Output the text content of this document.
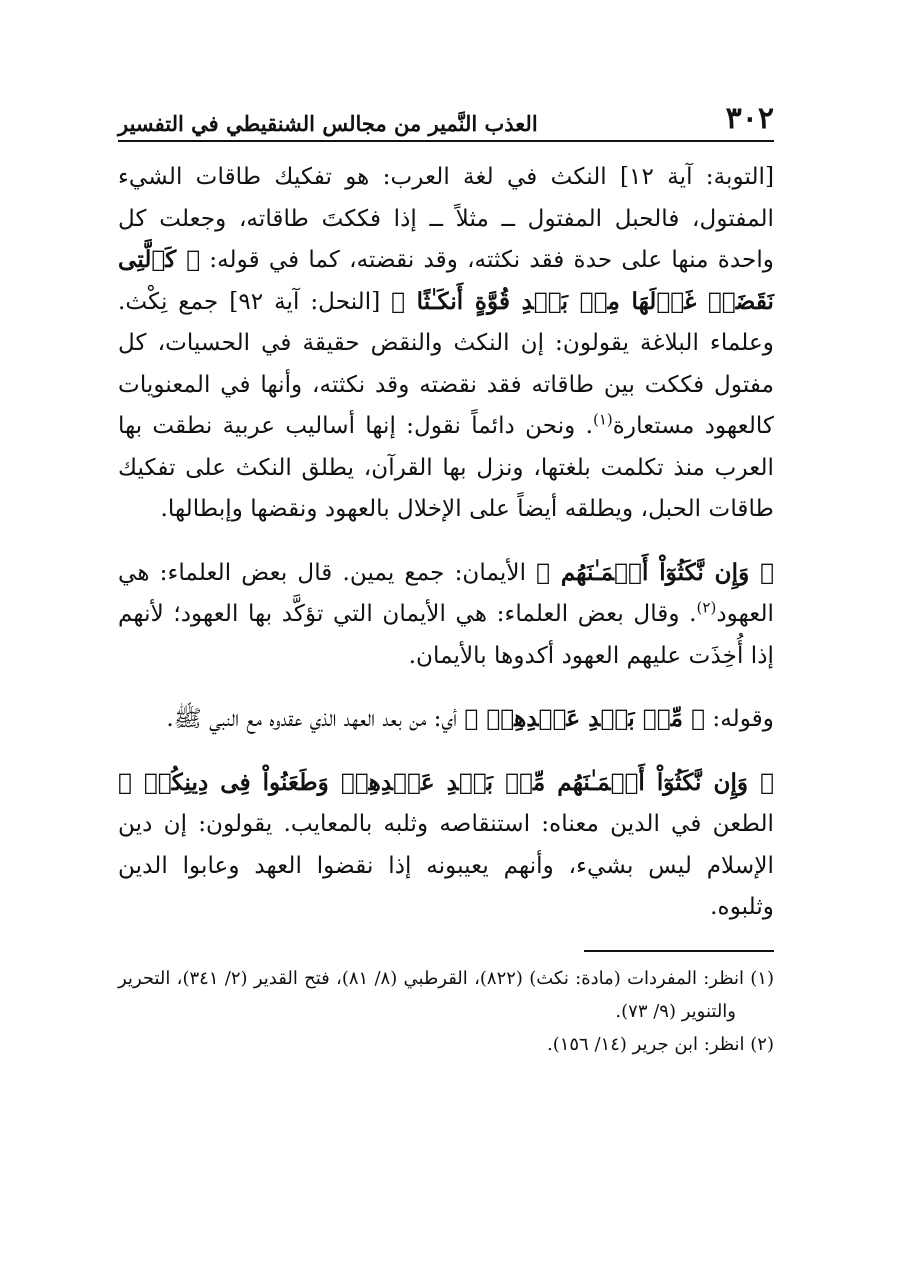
٣٠٢
العذب النَّمير من مجالس الشنقيطي في التفسير

[التوبة: آية ١٢] النكث في لغة العرب: هو تفكيك طاقات الشيء المفتول، فالحبل المفتول ــ مثلاً ــ إذا فككتَ طاقاته، وجعلت كل واحدة منها على حدة فقد نكثته، وقد نقضته، كما في قوله: ﴿ كَٱلَّتِى نَقَضَتۡ غَزۡلَهَا مِنۢ بَعۡدِ قُوَّةٍ أَنكَـٰثًا ﴾ [النحل: آية ٩٢] جمع نِكْث. وعلماء البلاغة يقولون: إن النكث والنقض حقيقة في الحسيات، كل مفتول فككت بين طاقاته فقد نقضته وقد نكثته، وأنها في المعنويات كالعهود مستعارة$^{(١)}$. ونحن دائماً نقول: إنها أساليب عربية نطقت بها العرب منذ تكلمت بلغتها، ونزل بها القرآن، يطلق النكث على تفكيك طاقات الحبل، ويطلقه أيضاً على الإخلال بالعهود ونقضها وإبطالها.

﴿ وَإِن نَّكَثُوٓاْ أَيۡمَـٰنَهُم ﴾ الأيمان: جمع يمين. قال بعض العلماء: هي العهود$^{(٢)}$. وقال بعض العلماء: هي الأيمان التي تؤكَّد بها العهود؛ لأنهم إذا أُخِذَت عليهم العهود أكدوها بالأيمان.

وقوله: ﴿ مِّنۢ بَعۡدِ عَهۡدِهِمۡ ﴾ أي: من بعد العهد الذي عقدوه مع النبي ﷺ.

﴿ وَإِن نَّكَثُوٓاْ أَيۡمَـٰنَهُم مِّنۢ بَعۡدِ عَهۡدِهِمۡ وَطَعَنُواْ فِى دِينِكُمۡ ﴾ الطعن في الدين معناه: استنقاصه وثلبه بالمعايب. يقولون: إن دين الإسلام ليس بشيء، وأنهم يعيبونه إذا نقضوا العهد وعابوا الدين وثلبوه.

(١) انظر: المفردات (مادة: نكث) (٨٢٢)، القرطبي (٨/ ٨١)، فتح القدير (٢/ ٣٤١)، التحرير والتنوير (٩/ ٧٣).

(٢) انظر: ابن جرير (١٤/ ١٥٦).
